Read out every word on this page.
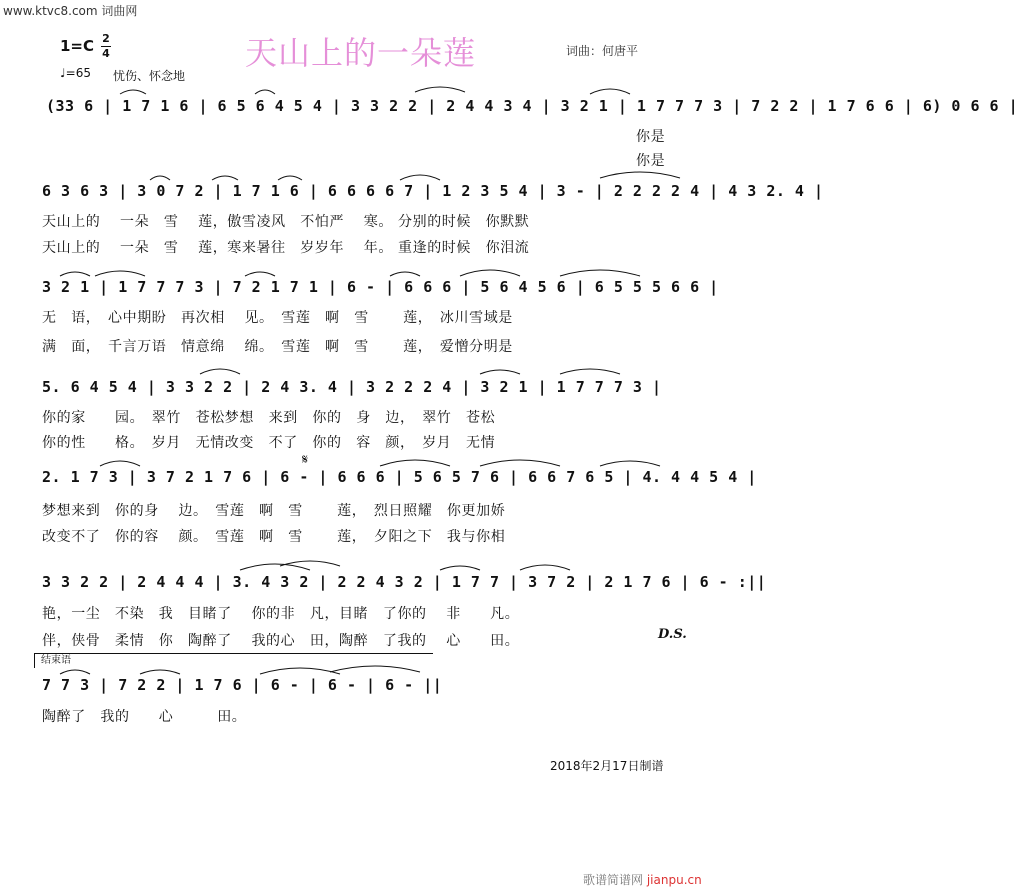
www.ktvc8.com 词曲网
1=C 2
4
♩=65 忧伤、怀念地
天山上的一朵莲	词曲：何唐平
(33 6 | 1 7 1 6 | 6 5 6 4 5 4 | 3 3 2 2 | 2 4 4 3 4 | 3 2 1 | 1 7 7 7 3 | 7 2 2 | 1 7 6 6 | 6) 0 6 6 |
你是
你是
6 3 6 3 | 3 0 7 2 | 1 7 1 6 | 6 6 6 6 7 | 1 2 3 5 4 | 3 - | 2 2 2 2 4 | 4 3 2. 4 |
天山上的　 一朵　雪　 莲，傲雪凌风　不怕严　 寒。 分别的时候　你默默
天山上的　 一朵　雪　 莲，寒来暑往　岁岁年　 年。 重逢的时候　你泪流
3 2 1 | 1 7 7 7 3 | 7 2 1 7 1 | 6 - | 6 6 6 | 5 6 4 5 6 | 6 5 5 5 6 6 |
无　语，　心中期盼　再次相　 见。　雪莲　啊　雪　　 莲，　冰川雪域是
满　面，　千言万语　情意绵　 绵。　雪莲　啊　雪　　 莲，　爱憎分明是
5. 6 4 5 4 | 3 3 2 2 | 2 4 3. 4 | 3 2 2 2 4 | 3 2 1 | 1 7 7 7 3 |
你的家　　园。　翠竹　苍松梦想　来到　你的　身　边，　翠竹　苍松
你的性　　格。　岁月　无情改变　不了　你的　容　颜，　岁月　无情
𝄋
2. 1 7 3 | 3 7 2 1 7 6 | 6 - | 6 6 6 | 5 6 5 7 6 | 6 6 7 6 5 | 4. 4 4 5 4 |
梦想来到　你的身　 边。　雪莲　啊　雪　　 莲，　烈日照耀　你更加娇
改变不了　你的容　 颜。　雪莲　啊　雪　　 莲，　夕阳之下　我与你相
3 3 2 2 | 2 4 4 4 | 3. 4 3 2 | 2 2 4 3 2 | 1 7 7 | 3 7 2 | 2 1 7 6 | 6 - :||
艳，一尘　不染　我　目睹了　 你的非　凡，目睹　了你的　 非　　凡。
伴，侠骨　柔情　你　陶醉了　 我的心　田，陶醉　了我的　 心　　田。	D.S.
结束语
7 7 3 | 7 2 2 | 1 7 6 | 6 - | 6 - | 6 - ||
陶醉了　我的　　心　　　田。
2018年2月17日制谱
歌谱简谱网 jianpu.cn
